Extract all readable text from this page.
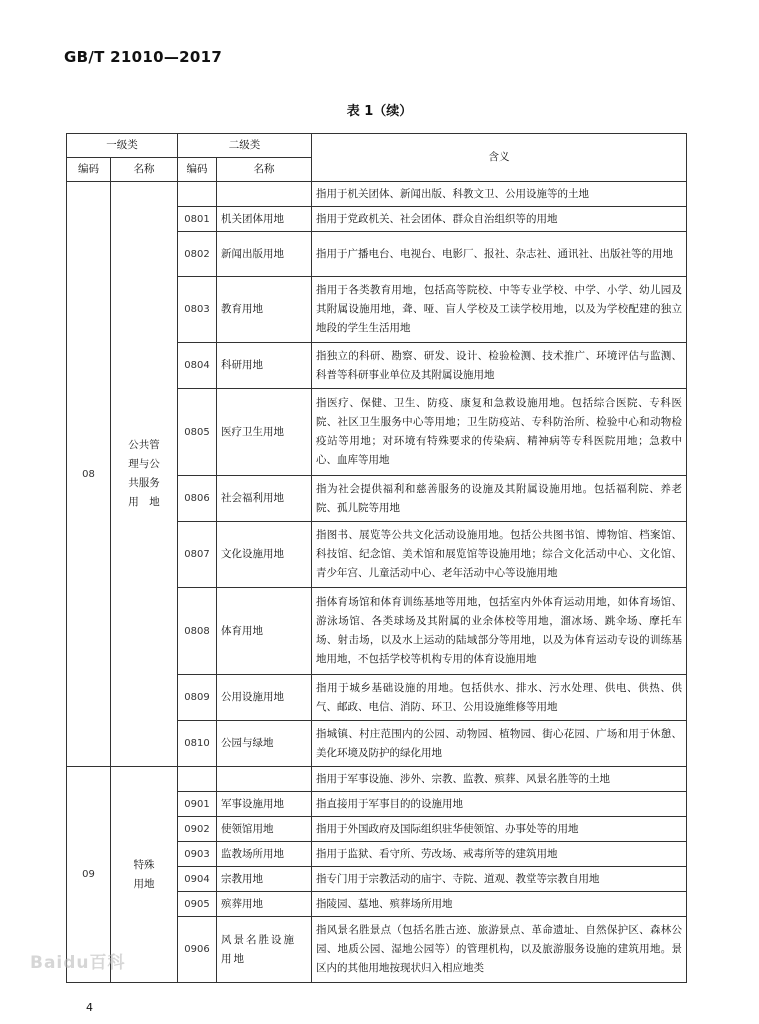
GB/T 21010—2017
表 1（续）
一级类		二级类		含义
编码	名称	编码	名称	
08	公共管理与公共服务用　地			指用于机关团体、新闻出版、科教文卫、公用设施等的土地
		0801	机关团体用地	指用于党政机关、社会团体、群众自治组织等的用地
		0802	新闻出版用地	指用于广播电台、电视台、电影厂、报社、杂志社、通讯社、出版社等的用地
		0803	教育用地	指用于各类教育用地，包括高等院校、中等专业学校、中学、小学、幼儿园及其附属设施用地，聋、哑、盲人学校及工读学校用地，以及为学校配建的独立地段的学生生活用地
		0804	科研用地	指独立的科研、勘察、研发、设计、检验检测、技术推广、环境评估与监测、科普等科研事业单位及其附属设施用地
		0805	医疗卫生用地	指医疗、保健、卫生、防疫、康复和急救设施用地。包括综合医院、专科医院、社区卫生服务中心等用地；卫生防疫站、专科防治所、检验中心和动物检疫站等用地；对环境有特殊要求的传染病、精神病等专科医院用地；急救中心、血库等用地
		0806	社会福利用地	指为社会提供福利和慈善服务的设施及其附属设施用地。包括福利院、养老院、孤儿院等用地
		0807	文化设施用地	指图书、展览等公共文化活动设施用地。包括公共图书馆、博物馆、档案馆、科技馆、纪念馆、美术馆和展览馆等设施用地；综合文化活动中心、文化馆、青少年宫、儿童活动中心、老年活动中心等设施用地
		0808	体育用地	指体育场馆和体育训练基地等用地，包括室内外体育运动用地，如体育场馆、游泳场馆、各类球场及其附属的业余体校等用地，溜冰场、跳伞场、摩托车场、射击场，以及水上运动的陆域部分等用地，以及为体育运动专设的训练基地用地，不包括学校等机构专用的体育设施用地
		0809	公用设施用地	指用于城乡基础设施的用地。包括供水、排水、污水处理、供电、供热、供气、邮政、电信、消防、环卫、公用设施维修等用地
		0810	公园与绿地	指城镇、村庄范围内的公园、动物园、植物园、街心花园、广场和用于休憩、美化环境及防护的绿化用地
09	特殊用地			指用于军事设施、涉外、宗教、监教、殡葬、风景名胜等的土地
		0901	军事设施用地	指直接用于军事目的的设施用地
		0902	使领馆用地	指用于外国政府及国际组织驻华使领馆、办事处等的用地
		0903	监教场所用地	指用于监狱、看守所、劳改场、戒毒所等的建筑用地
		0904	宗教用地	指专门用于宗教活动的庙宇、寺院、道观、教堂等宗教自用地
		0905	殡葬用地	指陵园、墓地、殡葬场所用地
		0906	风景名胜设施用地	指风景名胜景点（包括名胜古迹、旅游景点、革命遗址、自然保护区、森林公园、地质公园、湿地公园等）的管理机构，以及旅游服务设施的建筑用地。景区内的其他用地按现状归入相应地类
Baidu百科
4
